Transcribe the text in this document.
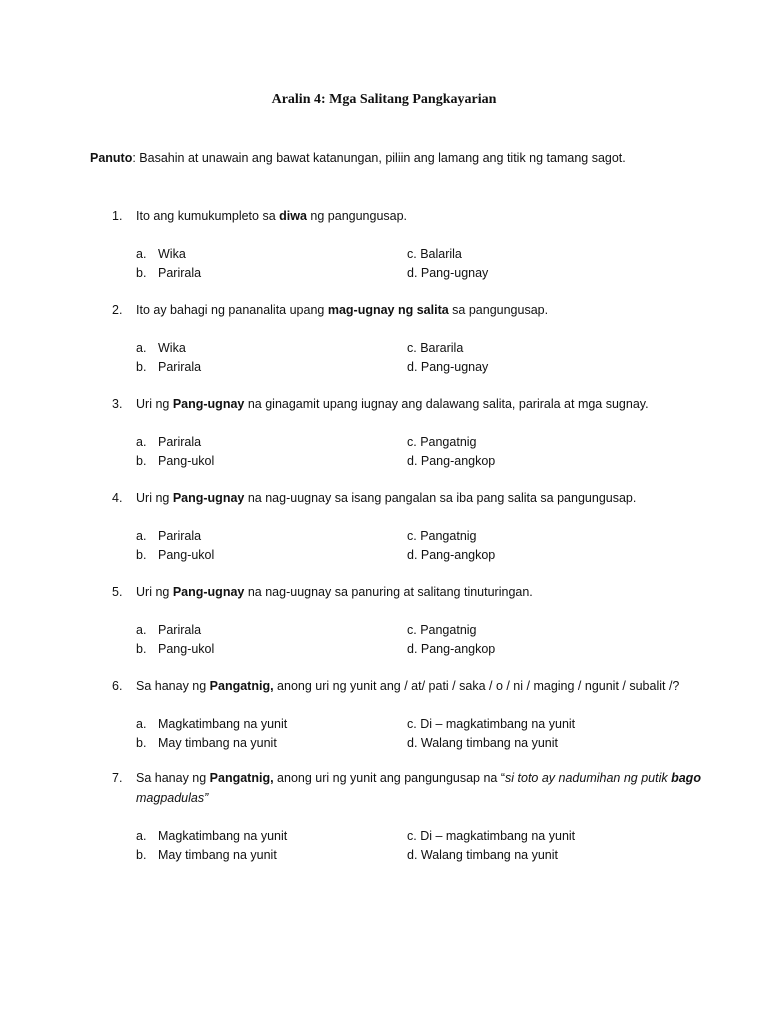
Aralin 4: Mga Salitang Pangkayarian
Panuto: Basahin at unawain ang bawat katanungan, piliin ang lamang ang titik ng tamang sagot.
1. Ito ang kumukumpleto sa diwa ng pangungusap.
a. Wika
b. Parirala
c. Balarila
d. Pang-ugnay
2. Ito ay bahagi ng pananalita upang mag-ugnay ng salita sa pangungusap.
a. Wika
b. Parirala
c. Bararila
d. Pang-ugnay
3. Uri ng Pang-ugnay na ginagamit upang iugnay ang dalawang salita, parirala at mga sugnay.
a. Parirala
b. Pang-ukol
c. Pangatnig
d. Pang-angkop
4. Uri ng Pang-ugnay na nag-uugnay sa isang pangalan sa iba pang salita sa pangungusap.
a. Parirala
b. Pang-ukol
c. Pangatnig
d. Pang-angkop
5. Uri ng Pang-ugnay na nag-uugnay sa panuring at salitang tinuturingan.
a. Parirala
b. Pang-ukol
c. Pangatnig
d. Pang-angkop
6. Sa hanay ng Pangatnig, anong uri ng yunit ang / at/ pati / saka / o / ni / maging / ngunit / subalit /?
a. Magkatimbang na yunit
b. May timbang na yunit
c. Di – magkatimbang na yunit
d. Walang timbang na yunit
7. Sa hanay ng Pangatnig, anong uri ng yunit ang pangungusap na “si toto ay nadumihan ng putik bago magpadulas”
a. Magkatimbang na yunit
b. May timbang na yunit
c. Di – magkatimbang na yunit
d. Walang timbang na yunit
